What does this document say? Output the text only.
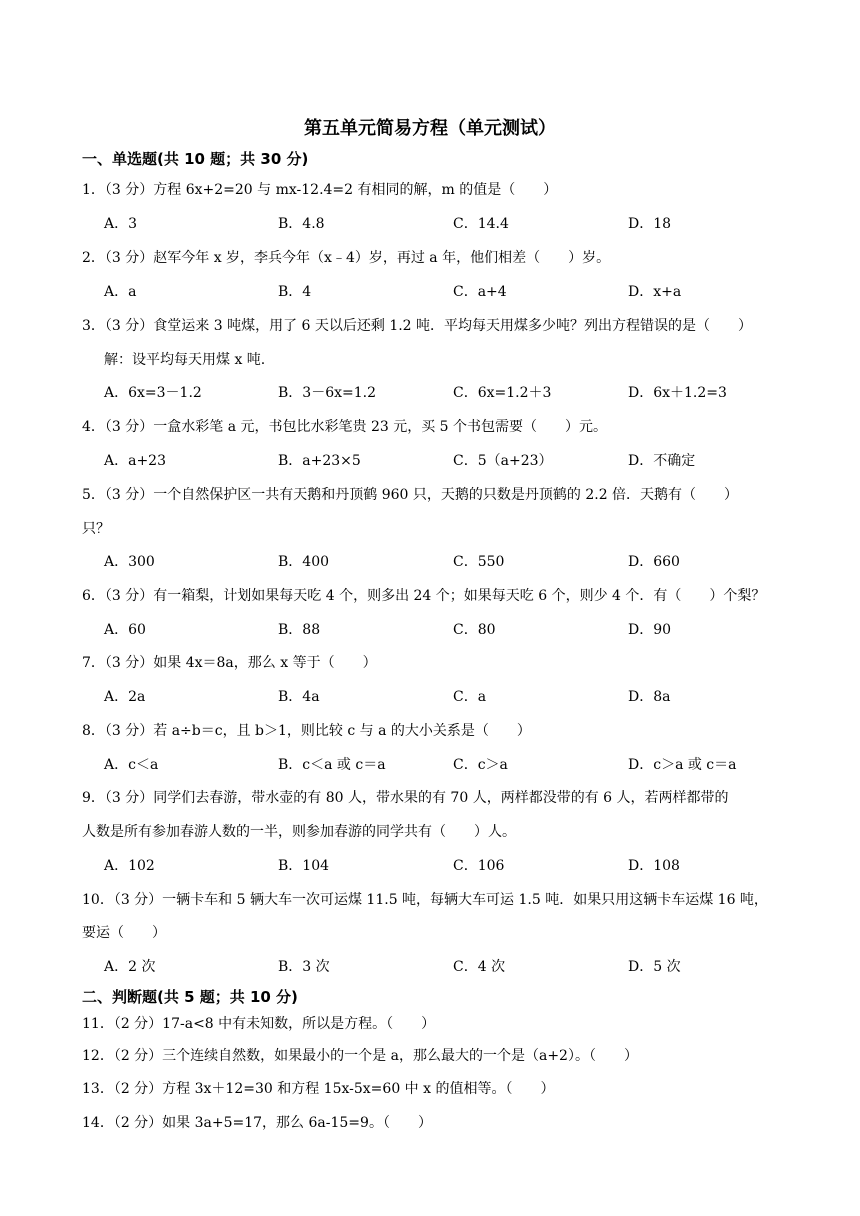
第五单元简易方程（单元测试）
一、单选题(共 10 题；共 30 分)
1．（3 分）方程 6x+2=20 与 mx-12.4=2 有相同的解，m 的值是（　　）
A．3	B．4.8	C．14.4	D．18
2．（3 分）赵军今年 x 岁，李兵今年（x﹣4）岁，再过 a 年，他们相差（　　）岁。
A．a	B．4	C．a+4	D．x+a
3．（3 分）食堂运来 3 吨煤，用了 6 天以后还剩 1.2 吨．平均每天用煤多少吨？列出方程错误的是（　　）
解：设平均每天用煤 x 吨.
A．6x=3－1.2	B．3－6x=1.2	C．6x=1.2＋3	D．6x＋1.2=3
4．（3 分）一盒水彩笔 a 元，书包比水彩笔贵 23 元，买 5 个书包需要（　　）元。
A．a+23	B．a+23×5	C．5（a+23）	D．不确定
5．（3 分）一个自然保护区一共有天鹅和丹顶鹤 960 只，天鹅的只数是丹顶鹤的 2.2 倍．天鹅有（　　）
只？
A．300	B．400	C．550	D．660
6．（3 分）有一箱梨，计划如果每天吃 4 个，则多出 24 个；如果每天吃 6 个，则少 4 个．有（　　）个梨？
A．60	B．88	C．80	D．90
7．（3 分）如果 4x＝8a，那么 x 等于（　　）
A．2a	B．4a	C．a	D．8a
8．（3 分）若 a÷b＝c，且 b＞1，则比较 c 与 a 的大小关系是（　　）
A．c＜a	B．c＜a 或 c＝a	C．c＞a	D．c＞a 或 c＝a
9．（3 分）同学们去春游，带水壶的有 80 人，带水果的有 70 人，两样都没带的有 6 人，若两样都带的
人数是所有参加春游人数的一半，则参加春游的同学共有（　　）人。
A．102	B．104	C．106	D．108
10．（3 分）一辆卡车和 5 辆大车一次可运煤 11.5 吨，每辆大车可运 1.5 吨．如果只用这辆卡车运煤 16 吨，
要运（　　）
A．2 次	B．3 次	C．4 次	D．5 次
二、判断题(共 5 题；共 10 分)
11．（2 分）17-a<8 中有未知数，所以是方程。（　　）
12．（2 分）三个连续自然数，如果最小的一个是 a，那么最大的一个是（a+2）。（　　）
13．（2 分）方程 3x＋12=30 和方程 15x-5x=60 中 x 的值相等。（　　）
14．（2 分）如果 3a+5=17，那么 6a-15=9。（　　）
